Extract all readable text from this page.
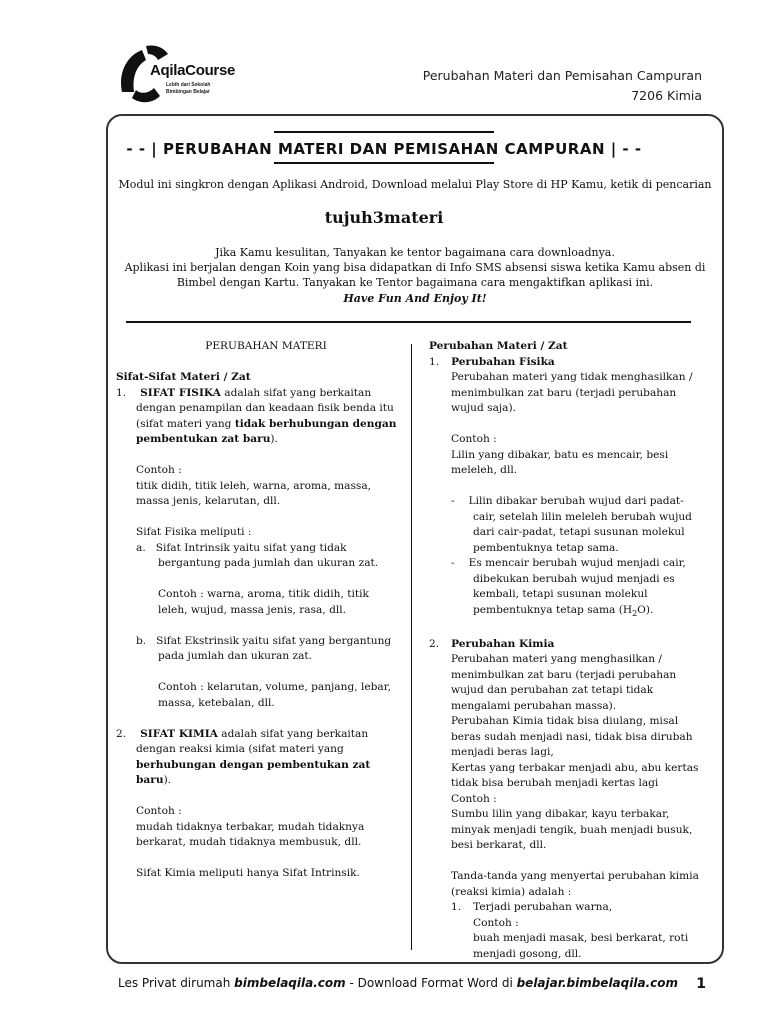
AqilaCourse
Lebih dari Sekolah
Bimbingan Belajar
Perubahan Materi dan Pemisahan Campuran
7206 Kimia
- - | PERUBAHAN MATERI DAN PEMISAHAN CAMPURAN | - -
Modul ini singkron dengan Aplikasi Android, Download melalui Play Store di HP Kamu, ketik di pencarian
tujuh3materi
Jika Kamu kesulitan, Tanyakan ke tentor bagaimana cara downloadnya.
Aplikasi ini berjalan dengan Koin yang bisa didapatkan di Info SMS absensi siswa ketika Kamu absen di
Bimbel dengan Kartu. Tanyakan ke Tentor bagaimana cara mengaktifkan aplikasi ini.
Have Fun And Enjoy It!
PERUBAHAN MATERI
Sifat-Sifat Materi / Zat
1. SIFAT FISIKA adalah sifat yang berkaitan
dengan penampilan dan keadaan fisik benda itu
(sifat materi yang tidak berhubungan dengan
pembentukan zat baru).
Contoh :
titik didih, titik leleh, warna, aroma, massa,
massa jenis, kelarutan, dll.
Sifat Fisika meliputi :
a. Sifat Intrinsik yaitu sifat yang tidak
bergantung pada jumlah dan ukuran zat.
Contoh : warna, aroma, titik didih, titik
leleh, wujud, massa jenis, rasa, dll.
b. Sifat Ekstrinsik yaitu sifat yang bergantung
pada jumlah dan ukuran zat.
Contoh : kelarutan, volume, panjang, lebar,
massa, ketebalan, dll.
2. SIFAT KIMIA adalah sifat yang berkaitan
dengan reaksi kimia (sifat materi yang
berhubungan dengan pembentukan zat
baru).
Contoh :
mudah tidaknya terbakar, mudah tidaknya
berkarat, mudah tidaknya membusuk, dll.
Sifat Kimia meliputi hanya Sifat Intrinsik.
Perubahan Materi / Zat
1. Perubahan Fisika
Perubahan materi yang tidak menghasilkan /
menimbulkan zat baru (terjadi perubahan
wujud saja).
Contoh :
Lilin yang dibakar, batu es mencair, besi
meleleh, dll.
- Lilin dibakar berubah wujud dari padat-
cair, setelah lilin meleleh berubah wujud
dari cair-padat, tetapi susunan molekul
pembentuknya tetap sama.
- Es mencair berubah wujud menjadi cair,
dibekukan berubah wujud menjadi es
kembali, tetapi susunan molekul
pembentuknya tetap sama $(H_2O)$.
2. Perubahan Kimia
Perubahan materi yang menghasilkan /
menimbulkan zat baru (terjadi perubahan
wujud dan perubahan zat tetapi tidak
mengalami perubahan massa).
Perubahan Kimia tidak bisa diulang, misal
beras sudah menjadi nasi, tidak bisa dirubah
menjadi beras lagi,
Kertas yang terbakar menjadi abu, abu kertas
tidak bisa berubah menjadi kertas lagi
Contoh :
Sumbu lilin yang dibakar, kayu terbakar,
minyak menjadi tengik, buah menjadi busuk,
besi berkarat, dll.
Tanda-tanda yang menyertai perubahan kimia
(reaksi kimia) adalah :
1. Terjadi perubahan warna,
Contoh :
buah menjadi masak, besi berkarat, roti
menjadi gosong, dll.
Les Privat dirumah bimbelaqila.com - Download Format Word di belajar.bimbelaqila.com 1
